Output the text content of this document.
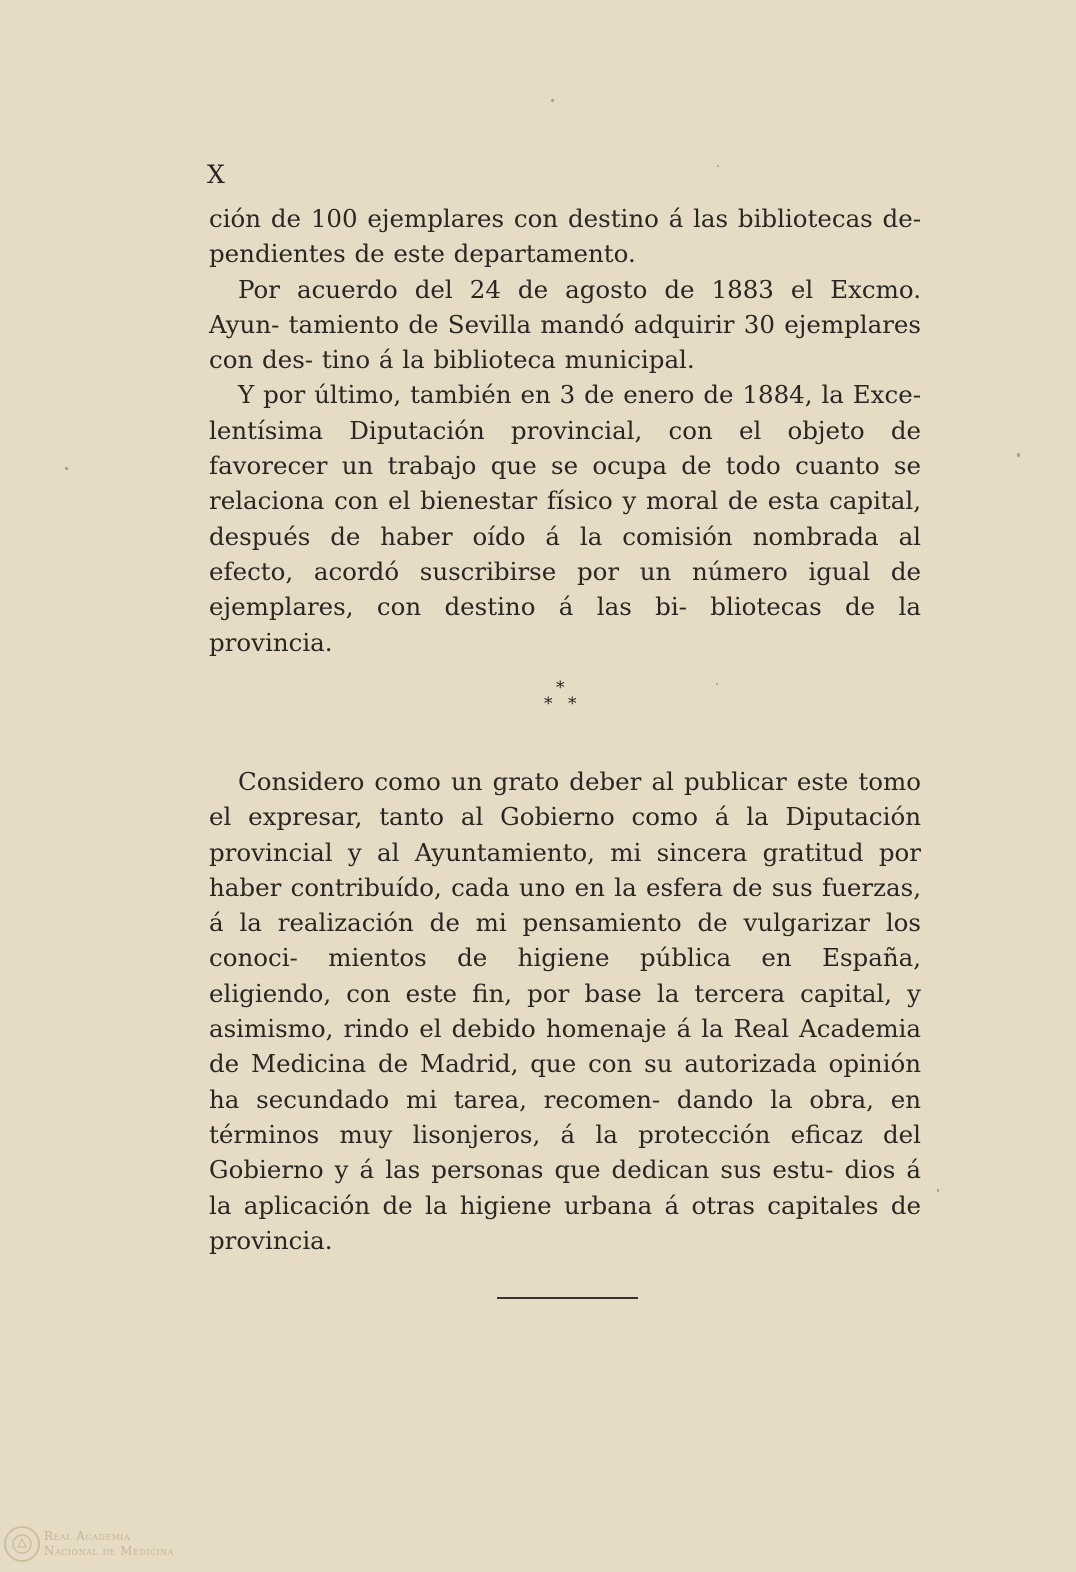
X

ción de 100 ejemplares con destino á las bibliotecas de- pendientes de este departamento.

Por acuerdo del 24 de agosto de 1883 el Excmo. Ayun- tamiento de Sevilla mandó adquirir 30 ejemplares con des- tino á la biblioteca municipal.

Y por último, también en 3 de enero de 1884, la Exce- lentísima Diputación provincial, con el objeto de favorecer un trabajo que se ocupa de todo cuanto se relaciona con el bienestar físico y moral de esta capital, después de haber oído á la comisión nombrada al efecto, acordó suscribirse por un número igual de ejemplares, con destino á las bi- bliotecas de la provincia.

*
* *

Considero como un grato deber al publicar este tomo el expresar, tanto al Gobierno como á la Diputación provincial y al Ayuntamiento, mi sincera gratitud por haber contribuído, cada uno en la esfera de sus fuerzas, á la realización de mi pensamiento de vulgarizar los conoci- mientos de higiene pública en España, eligiendo, con este fin, por base la tercera capital, y asimismo, rindo el debido homenaje á la Real Academia de Medicina de Madrid, que con su autorizada opinión ha secundado mi tarea, recomen- dando la obra, en términos muy lisonjeros, á la protección eficaz del Gobierno y á las personas que dedican sus estu- dios á la aplicación de la higiene urbana á otras capitales de provincia.

Real Academia
Nacional de Medicina
